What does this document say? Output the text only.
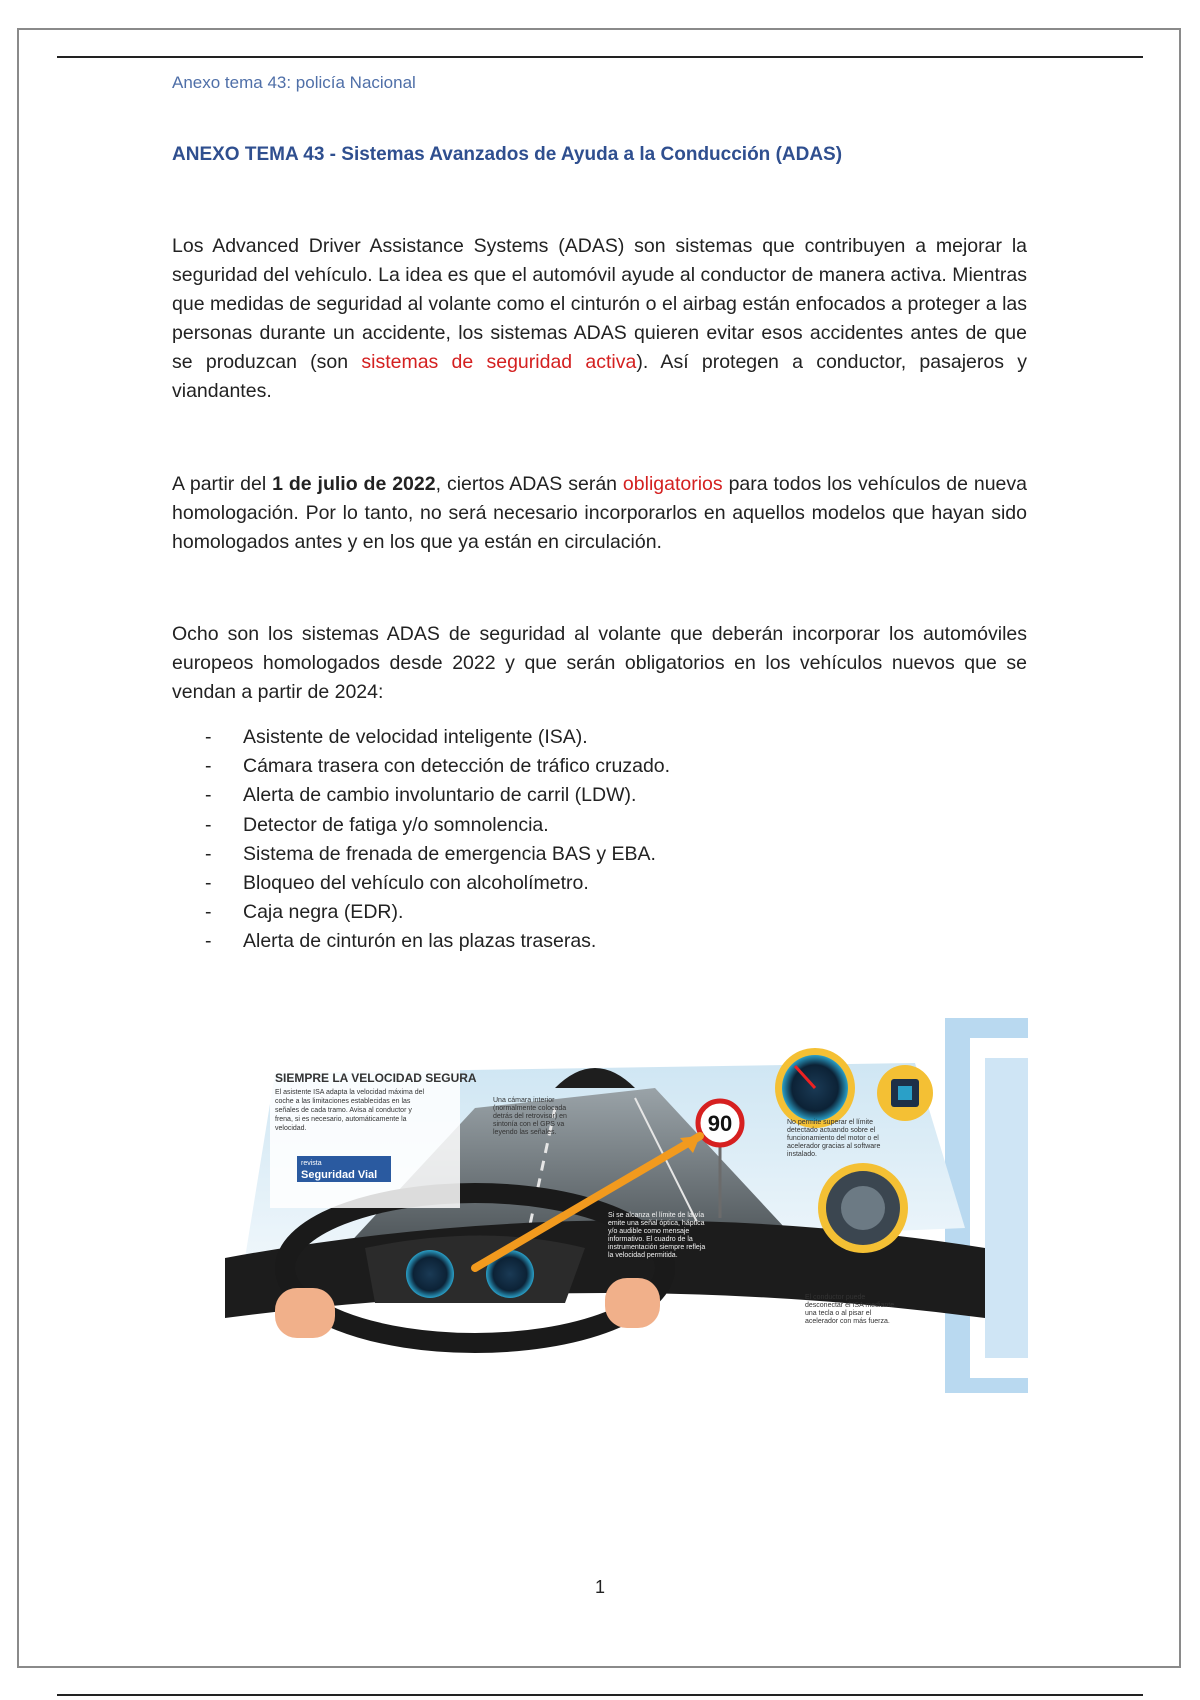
Anexo tema 43: policía Nacional
ANEXO TEMA 43 - Sistemas Avanzados de Ayuda a la Conducción (ADAS)
Los Advanced Driver Assistance Systems (ADAS) son sistemas que contribuyen a mejorar la seguridad del vehículo. La idea es que el automóvil ayude al conductor de manera activa. Mientras que medidas de seguridad al volante como el cinturón o el airbag están enfocados a proteger a las personas durante un accidente, los sistemas ADAS quieren evitar esos accidentes antes de que se produzcan (son sistemas de seguridad activa). Así protegen a conductor, pasajeros y viandantes.
A partir del 1 de julio de 2022, ciertos ADAS serán obligatorios para todos los vehículos de nueva homologación. Por lo tanto, no será necesario incorporarlos en aquellos modelos que hayan sido homologados antes y en los que ya están en circulación.
Ocho son los sistemas ADAS de seguridad al volante que deberán incorporar los automóviles europeos homologados desde 2022 y que serán obligatorios en los vehículos nuevos que se vendan a partir de 2024:
- Asistente de velocidad inteligente (ISA).
- Cámara trasera con detección de tráfico cruzado.
- Alerta de cambio involuntario de carril (LDW).
- Detector de fatiga y/o somnolencia.
- Sistema de frenada de emergencia BAS y EBA.
- Bloqueo del vehículo con alcoholímetro.
- Caja negra (EDR).
- Alerta de cinturón en las plazas traseras.
90
SIEMPRE LA VELOCIDAD SEGURA
El asistente ISA adapta la velocidad máxima del
coche a las limitaciones establecidas en las
señales de cada tramo. Avisa al conductor y
frena, si es necesario, automáticamente la
velocidad.
revista
Seguridad Vial
Una cámara interior
(normalmente colocada
detrás del retrovisor) en
sintonía con el GPS va
leyendo las señales.
No permite superar el límite
detectado actuando sobre el
funcionamiento del motor o el
acelerador gracias al software
instalado.
Si se alcanza el límite de la vía
emite una señal óptica, háptica
y/o audible como mensaje
informativo. El cuadro de la
instrumentación siempre refleja
la velocidad permitida.
El conductor puede
desconectar el ISA mediante
una tecla o al pisar el
acelerador con más fuerza.
1
